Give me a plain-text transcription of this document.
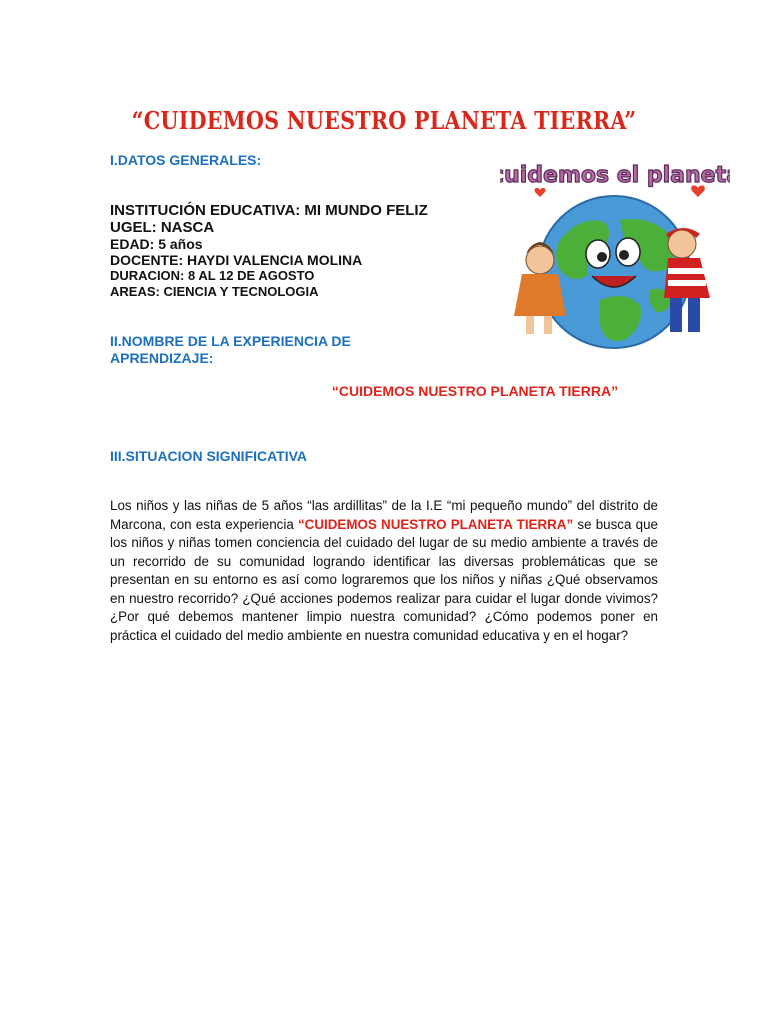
“CUIDEMOS NUESTRO PLANETA TIERRA”
I.DATOS GENERALES:
INSTITUCIÓN EDUCATIVA: MI MUNDO FELIZ
UGEL: NASCA
EDAD: 5 años
DOCENTE: HAYDI VALENCIA MOLINA
DURACION: 8 AL 12 DE AGOSTO
AREAS: CIENCIA Y TECNOLOGIA
II.NOMBRE DE LA EXPERIENCIA DE
APRENDIZAJE:
“CUIDEMOS NUESTRO PLANETA TIERRA”
III.SITUACION SIGNIFICATIVA
Los niños y las niñas de 5 años “las ardillitas” de la I.E “mi pequeño mundo” del distrito de Marcona, con esta experiencia “CUIDEMOS NUESTRO PLANETA TIERRA” se busca que los niños y niñas tomen conciencia del cuidado del lugar de su medio ambiente a través de un recorrido de su comunidad logrando identificar las diversas problemáticas que se presentan en su entorno es así como lograremos que los niños y niñas ¿Qué observamos en nuestro recorrido? ¿Qué acciones podemos realizar para cuidar el lugar donde vivimos? ¿Por qué debemos mantener limpio nuestra comunidad? ¿Cómo podemos poner en práctica el cuidado del medio ambiente en nuestra comunidad educativa y en el hogar?
cuidemos el planeta
